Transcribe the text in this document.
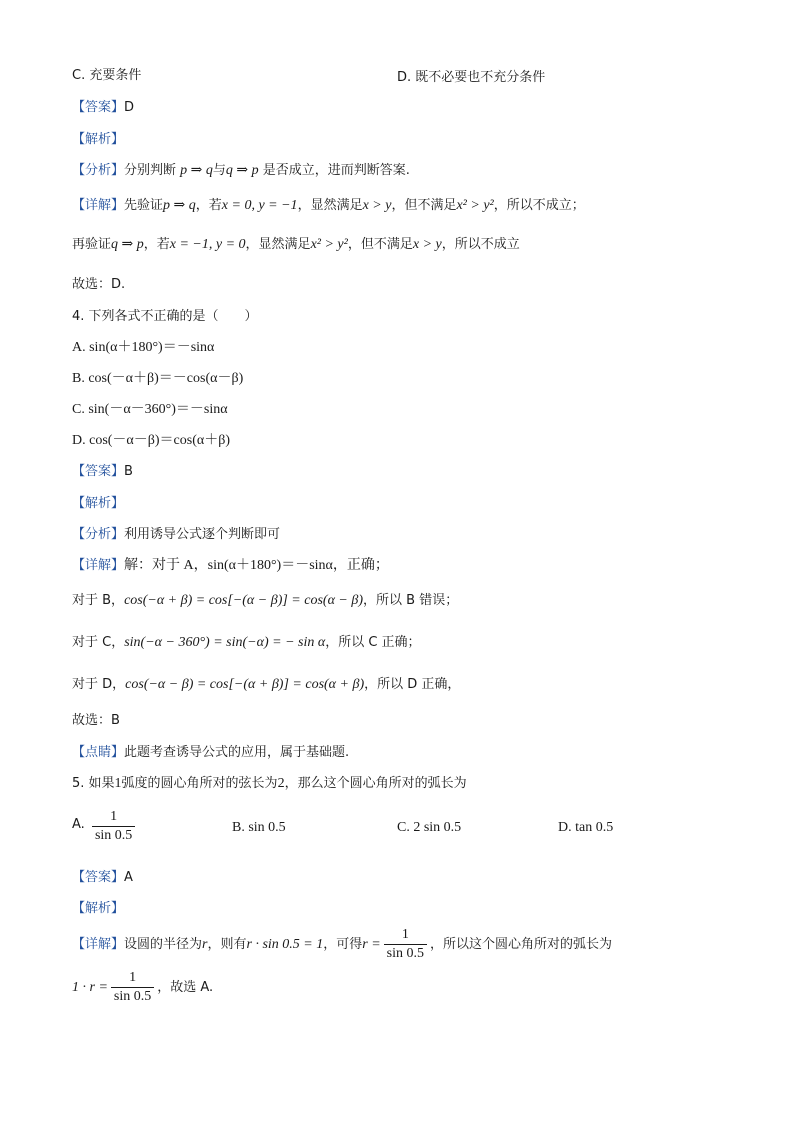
C. 充要条件	D. 既不必要也不充分条件
【答案】D
【解析】
【分析】分别判断 p ⇒ q与q ⇒ p 是否成立，进而判断答案.
【详解】先验证p ⇒ q，若x = 0, y = −1，显然满足x > y，但不满足x² > y²，所以不成立；
再验证q ⇒ p，若x = −1, y = 0，显然满足x² > y²，但不满足x > y，所以不成立
故选：D.
4. 下列各式不正确的是（　　）
A. sin(α＋180°)＝－sinα
B. cos(－α＋β)＝－cos(α－β)
C. sin(－α－360°)＝－sinα
D. cos(－α－β)＝cos(α＋β)
【答案】B
【解析】
【分析】利用诱导公式逐个判断即可
【详解】解：对于 A，sin(α＋180°)＝－sinα，正确；
对于 B，cos(−α + β) = cos[−(α − β)] = cos(α − β)，所以 B 错误；
对于 C，sin(−α − 360°) = sin(−α) = − sin α，所以 C 正确；
对于 D，cos(−α − β) = cos[−(α + β)] = cos(α + β)，所以 D 正确，
故选：B
【点睛】此题考查诱导公式的应用，属于基础题.
5. 如果1弧度的圆心角所对的弦长为2，那么这个圆心角所对的弧长为
A. $\frac{1}{\sin 0.5}$	B. sin 0.5	C. 2 sin 0.5	D. tan 0.5
【答案】A
【解析】
【详解】设圆的半径为r，则有r · sin 0.5 = 1，可得$r = \frac{1}{\sin 0.5}$ ，所以这个圆心角所对的弧长为
$1 \cdot r = \frac{1}{\sin 0.5}$ ，故选 A.
